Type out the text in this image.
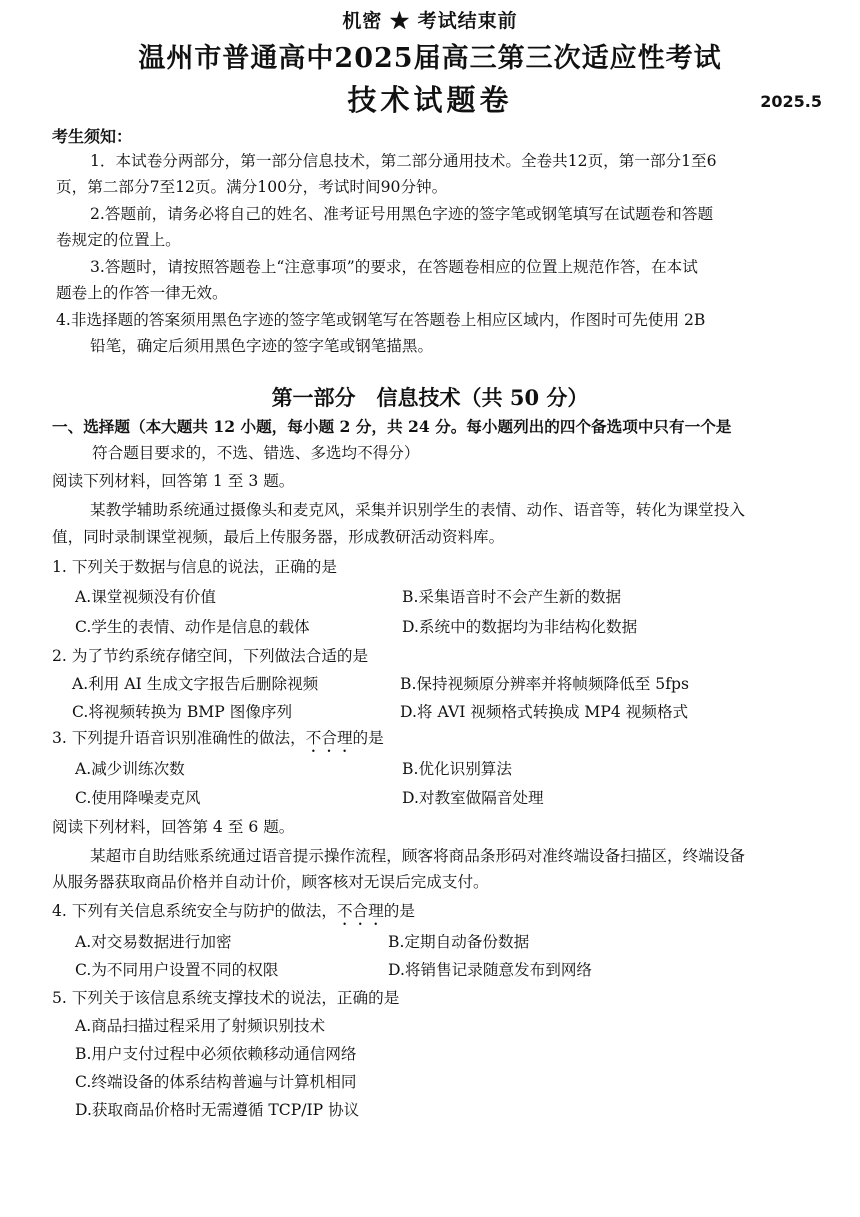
机密 ★ 考试结束前
温州市普通高中2025届高三第三次适应性考试
技术试题卷	2025.5
考生须知：
1．本试卷分两部分，第一部分信息技术，第二部分通用技术。全卷共12页，第一部分1至6
页，第二部分7至12页。满分100分，考试时间90分钟。
2.答题前，请务必将自己的姓名、准考证号用黑色字迹的签字笔或钢笔填写在试题卷和答题
卷规定的位置上。
3.答题时，请按照答题卷上“注意事项”的要求，在答题卷相应的位置上规范作答，在本试
题卷上的作答一律无效。
4.非选择题的答案须用黑色字迹的签字笔或钢笔写在答题卷上相应区域内，作图时可先使用 2B
铅笔，确定后须用黑色字迹的签字笔或钢笔描黑。
第一部分　信息技术（共 50 分）
一、选择题（本大题共 12 小题，每小题 2 分，共 24 分。每小题列出的四个备选项中只有一个是
符合题目要求的，不选、错选、多选均不得分）
阅读下列材料，回答第 1 至 3 题。
某教学辅助系统通过摄像头和麦克风，采集并识别学生的表情、动作、语音等，转化为课堂投入
值，同时录制课堂视频，最后上传服务器，形成教研活动资料库。
1. 下列关于数据与信息的说法，正确的是
A.课堂视频没有价值	B.采集语音时不会产生新的数据
C.学生的表情、动作是信息的载体	D.系统中的数据均为非结构化数据
2. 为了节约系统存储空间，下列做法合适的是
A.利用 AI 生成文字报告后删除视频	B.保持视频原分辨率并将帧频降低至 5fps
C.将视频转换为 BMP 图像序列	D.将 AVI 视频格式转换成 MP4 视频格式
3. 下列提升语音识别准确性的做法，不合理的是
A.减少训练次数	B.优化识别算法
C.使用降噪麦克风	D.对教室做隔音处理
阅读下列材料，回答第 4 至 6 题。
某超市自助结账系统通过语音提示操作流程，顾客将商品条形码对准终端设备扫描区，终端设备
从服务器获取商品价格并自动计价，顾客核对无误后完成支付。
4. 下列有关信息系统安全与防护的做法，不合理的是
A.对交易数据进行加密	B.定期自动备份数据
C.为不同用户设置不同的权限	D.将销售记录随意发布到网络
5. 下列关于该信息系统支撑技术的说法，正确的是
A.商品扫描过程采用了射频识别技术
B.用户支付过程中必须依赖移动通信网络
C.终端设备的体系结构普遍与计算机相同
D.获取商品价格时无需遵循 TCP/IP 协议
